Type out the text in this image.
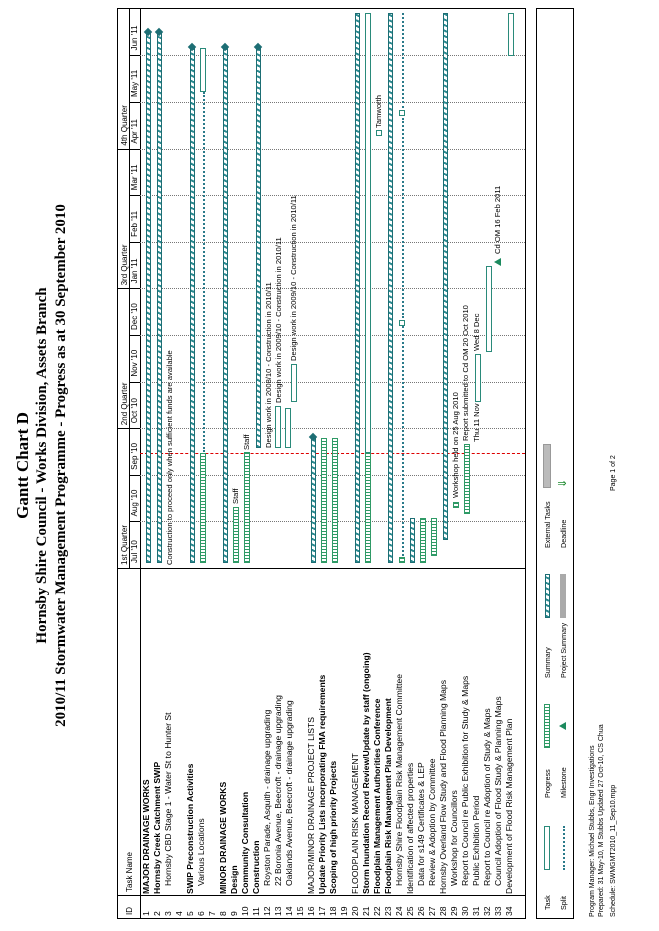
Gantt Chart D Hornsby Shire Council - Works Division, Assets Branch 2010/11 Stormwater Management Programme - Progress as at 30 September 2010
ID
Task Name
1st Quarter
2nd Quarter
3rd Quarter
4th Quarter
Jul '10
Aug '10
Sep '10
Oct '10
Nov '10
Dec '10
Jan '11
Feb '11
Mar '11
Apr '11
May '11
Jun '11
1
MAJOR DRAINAGE WORKS
2
Hornsby Creek Catchment SWIP
3
Hornsby CBD Stage 1 - Water St to Hunter St
4 5
SWIP Preconstruction Activities
6
Various Locations
7 8
MINOR DRAINAGE WORKS
9
Design
10
Community Consultation
11
Construction
12
Royston Parade, Asquith - drainage upgrading
13
22 Boronia Avenue, Beecroft - drainage upgrading
14
Oaklands Avenue, Beecroft - drainage upgrading
15 16
MAJOR/MINOR DRAINAGE PROJECT LISTS
17
Update Priority Lists incorporating FMA requirements
18
Scoping of high priority Projects
19 20
FLOODPLAIN RISK MANAGEMENT
21
Storm Inundation Record Review/Update by staff (ongoing)
22
Floodplain Management Authorities Conference
23
Floodplain Risk Management Plan Development
24
Hornsby Shire Floodplain Risk Management Committee
25
Identification of affected properties
26
Data for s149 Certificates & LEP
27
Review & Adoption by Committee
28
Hornsby Overland Flow Study and Flood Planning Maps
29
Workshop for Councillors
30
Report to Council re Public Exhibition for Study & Maps
31
Public Exhibition Period
32
Report to Council re Adoption of Study & Maps
33
Council Adoption of Flood Study & Planning Maps
34
Development of Flood Risk Management Plan
Construction to proceed only when sufficient funds are available	Staff
Staff Design work in 2008/10 - Construction in 2010/11 Design work in 2009/10 - Construction in 2010/11 Design work in 2009/10 - Construction in 2010/11
Tamworth
Workshop held on 25 Aug 2010
Report submitted to Cd OM 20 Oct 2010 Thu 11 Nov
Wed 8 Dec
Cd OM 16 Feb 2011
Task Split
Progress Milestone
Summary Project Summary
External Tasks Deadline
⇓
Program Manager: Michael Stubbs, Engr Investigations Prepared: 31 May-10, M Stubbs Updated 27 Oct-10, CS Chua Schedule: SWMGMT2010_11_Sep10.mpp
Page 1 of 2
